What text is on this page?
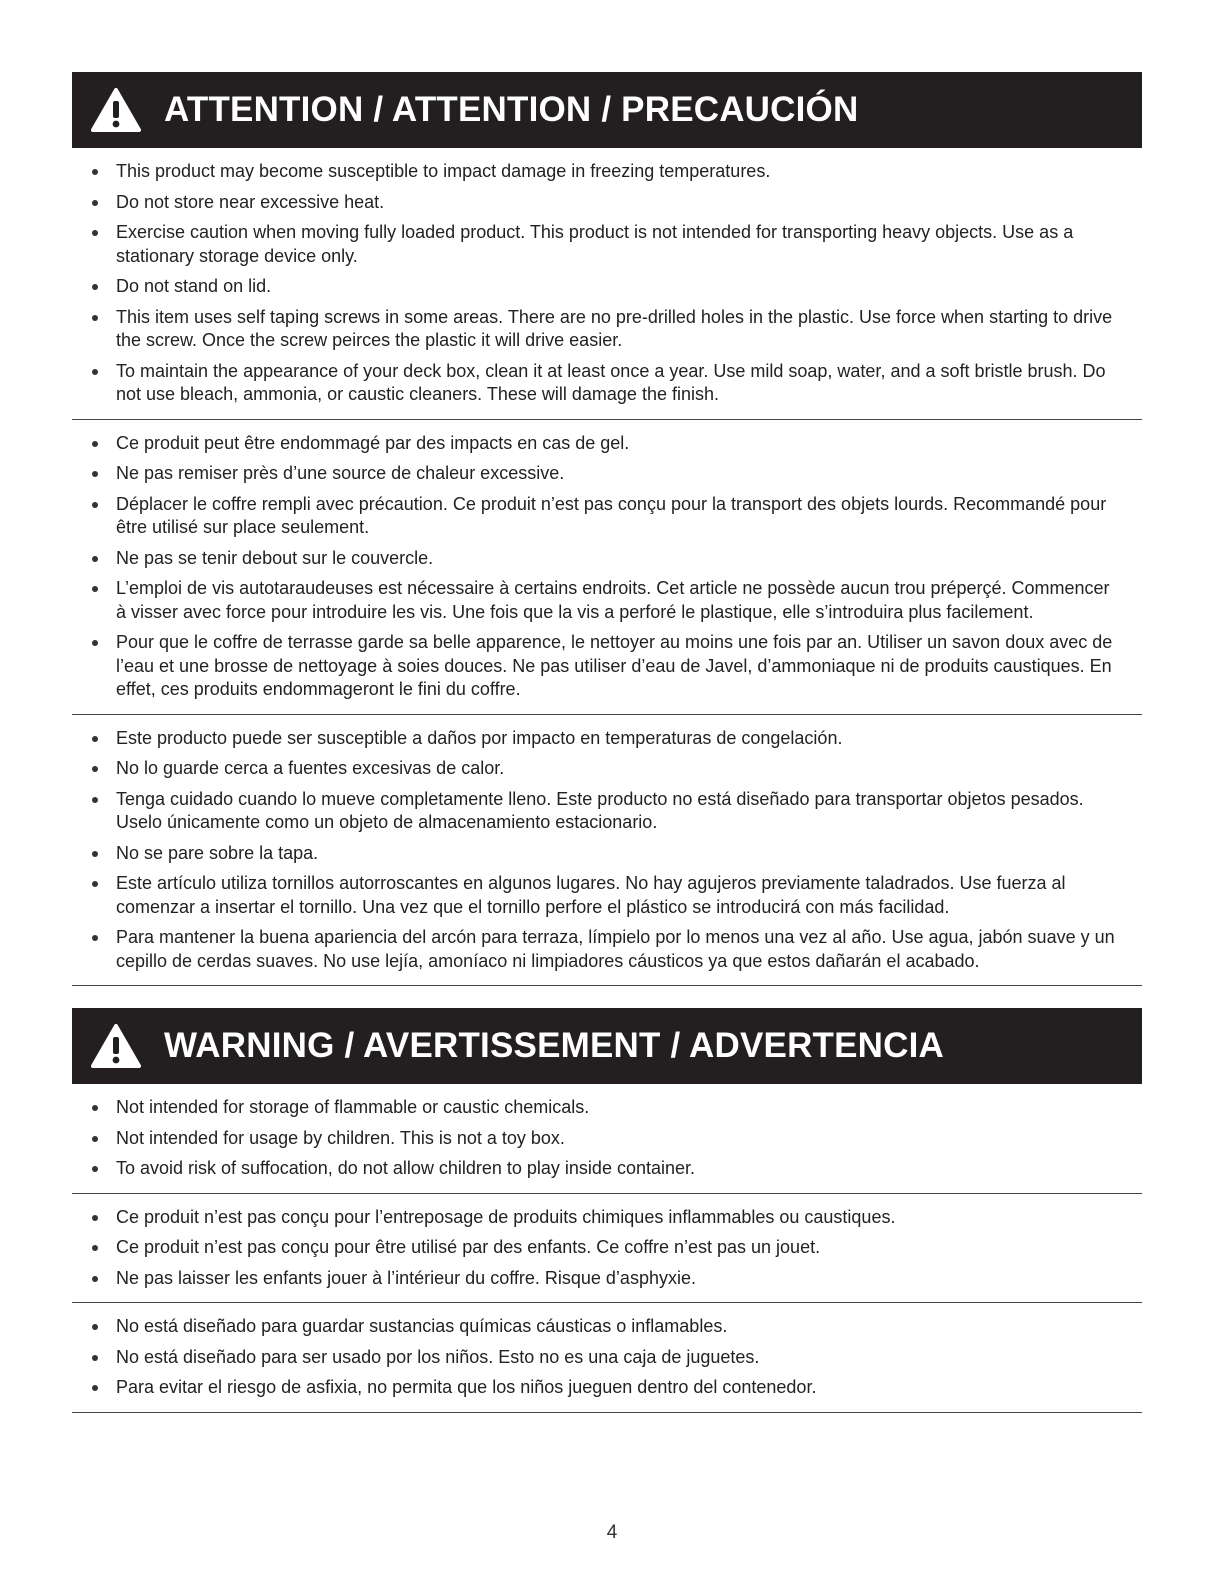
ATTENTION / ATTENTION / PRECAUCIÓN
This product may become susceptible to impact damage in freezing temperatures.
Do not store near excessive heat.
Exercise caution when moving fully loaded product. This product is not intended for transporting heavy objects. Use as a stationary storage device only.
Do not stand on lid.
This item uses self taping screws in some areas. There are no pre-drilled holes in the plastic. Use force when starting to drive the screw. Once the screw peirces the plastic it will drive easier.
To maintain the appearance of your deck box, clean it at least once a year. Use mild soap, water, and a soft bristle brush. Do not use bleach, ammonia, or caustic cleaners. These will damage the finish.
Ce produit peut être endommagé par des impacts en cas de gel.
Ne pas remiser près d’une source de chaleur excessive.
Déplacer le coffre rempli avec précaution. Ce produit n’est pas conçu pour la transport des objets lourds. Recommandé pour être utilisé sur place seulement.
Ne pas se tenir debout sur le couvercle.
L’emploi de vis autotaraudeuses est nécessaire à certains endroits. Cet article ne possède aucun trou préperçé. Commencer à visser avec force pour introduire les vis. Une fois que la vis a perforé le plastique, elle s’introduira plus facilement.
Pour que le coffre de terrasse garde sa belle apparence, le nettoyer au moins une fois par an. Utiliser un savon doux avec de l’eau et une brosse de nettoyage à soies douces. Ne pas utiliser d’eau de Javel, d’ammoniaque ni de produits caustiques. En effet, ces produits endommageront le fini du coffre.
Este producto puede ser susceptible a daños por impacto en temperaturas de congelación.
No lo guarde cerca a fuentes excesivas de calor.
Tenga cuidado cuando lo mueve completamente lleno. Este producto no está diseñado para transportar objetos pesados. Uselo únicamente como un objeto de almacenamiento estacionario.
No se pare sobre la tapa.
Este artículo utiliza tornillos autorroscantes en algunos lugares. No hay agujeros previamente taladrados. Use fuerza al comenzar a insertar el tornillo. Una vez que el tornillo perfore el plástico se introducirá con más facilidad.
Para mantener la buena apariencia del arcón para terraza, límpielo por lo menos una vez al año. Use agua, jabón suave y un cepillo de cerdas suaves. No use lejía, amoníaco ni limpiadores cáusticos ya que estos dañarán el acabado.
WARNING / AVERTISSEMENT / ADVERTENCIA
Not intended for storage of flammable or caustic chemicals.
Not intended for usage by children. This is not a toy box.
To avoid risk of suffocation, do not allow children to play inside container.
Ce produit n’est pas conçu pour l’entreposage de produits chimiques inflammables ou caustiques.
Ce produit n’est pas conçu pour être utilisé par des enfants. Ce coffre n’est pas un jouet.
Ne pas laisser les enfants jouer à l’intérieur du coffre. Risque d’asphyxie.
No está diseñado para guardar sustancias químicas cáusticas o inflamables.
No está diseñado para ser usado por los niños. Esto no es una caja de juguetes.
Para evitar el riesgo de asfixia, no permita que los niños jueguen dentro del contenedor.
4
